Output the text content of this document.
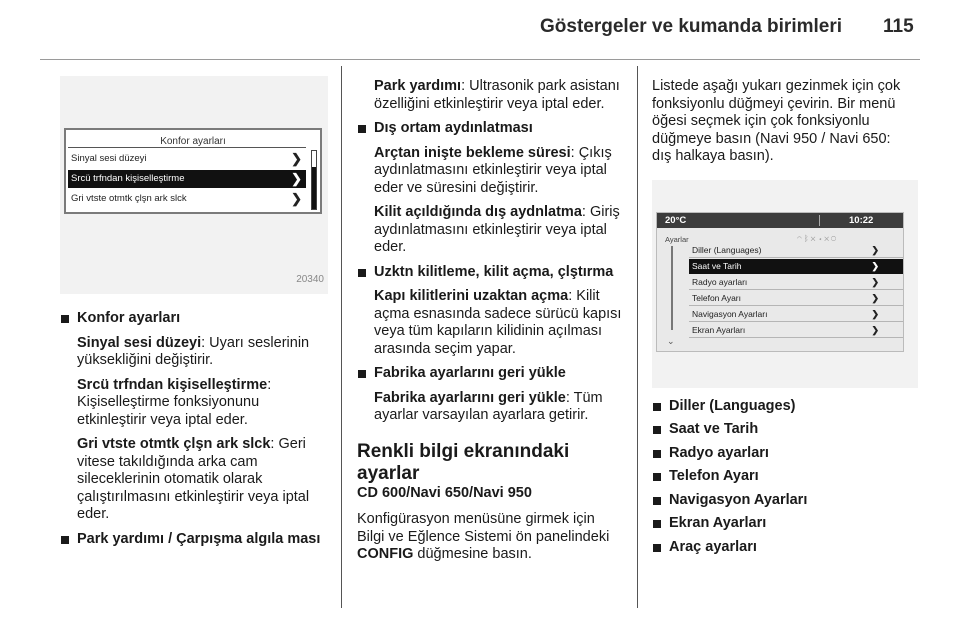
Göstergeler ve kumanda birimleri 115
Konfor ayarları
Sinyal sesi düzeyi	❯
Srcü trfndan kişiselleştirme	❯
Gri vtste otmtk çlşn ark slck	❯
20340

Konfor ayarları

Sinyal sesi düzeyi: Uyarı seslerinin yüksekliğini değiştirir.

Srcü trfndan kişiselleştirme: Kişiselleştirme fonksiyonunu etkinleştirir veya iptal eder.

Gri vtste otmtk çlşn ark slck: Geri vitese takıldığında arka cam sileceklerinin otomatik olarak çalıştırılmasını etkinleştirir veya iptal eder.

Park yardımı / Çarpışma algıla ması

Park yardımı: Ultrasonik park asistanı özelliğini etkinleştirir veya iptal eder.

Dış ortam aydınlatması

Arçtan inişte bekleme süresi: Çıkış aydınlatmasını etkinleştirir veya iptal eder ve süresini değiştirir.

Kilit açıldığında dış aydnlatma: Giriş aydınlatmasını etkinleştirir veya iptal eder.

Uzktn kilitleme, kilit açma, çlştırma

Kapı kilitlerini uzaktan açma: Kilit açma esnasında sadece sürücü kapısı veya tüm kapıların kilidinin açılması arasında seçim yapar.

Fabrika ayarlarını geri yükle

Fabrika ayarlarını geri yükle: Tüm ayarlar varsayılan ayarlara getirir.

Renkli bilgi ekranındaki ayarlar

CD 600/Navi 650/Navi 950

Konfigürasyon menüsüne girmek için Bilgi ve Eğlence Sistemi ön panelindeki CONFIG düğmesine basın.

Listede aşağı yukarı gezinmek için çok fonksiyonlu düğmeyi çevirin. Bir menü öğesi seçmek için çok fonksiyonlu düğmeye basın (Navi 950 / Navi 650: dış halkaya basın).

20°C	10:22
Ayarlar	◠ᛒ✕◂✕◯
⌄
Diller (Languages)	❯
Saat ve Tarih	❯
Radyo ayarları	❯
Telefon Ayarı	❯
Navigasyon Ayarları	❯
Ekran Ayarları	❯

Diller (Languages)

Saat ve Tarih

Radyo ayarları

Telefon Ayarı

Navigasyon Ayarları

Ekran Ayarları

Araç ayarları
